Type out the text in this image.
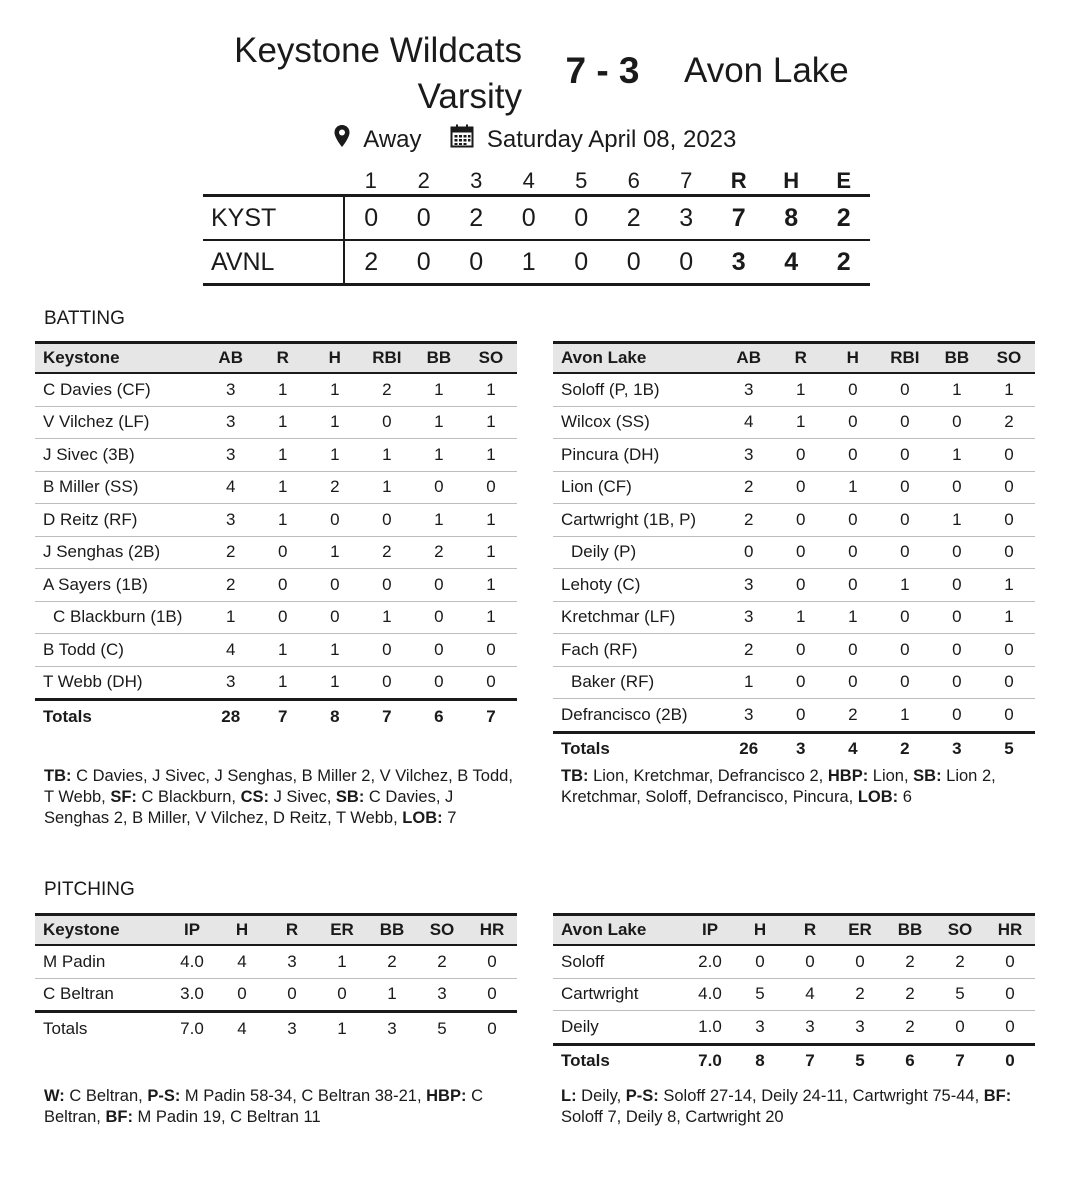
Keystone Wildcats
Varsity
7 - 3	Avon Lake
Away	Saturday April 08, 2023
	1	2	3	4	5	6	7	R	H	E
KYST	0	0	2	0	0	2	3	7	8	2
AVNL	2	0	0	1	0	0	0	3	4	2
BATTING
PITCHING
Keystone	AB	R	H	RBI	BB	SO
C Davies (CF)	3	1	1	2	1	1
V Vilchez (LF)	3	1	1	0	1	1
J Sivec (3B)	3	1	1	1	1	1
B Miller (SS)	4	1	2	1	0	0
D Reitz (RF)	3	1	0	0	1	1
J Senghas (2B)	2	0	1	2	2	1
A Sayers (1B)	2	0	0	0	0	1
C Blackburn (1B)	1	0	0	1	0	1
B Todd (C)	4	1	1	0	0	0
T Webb (DH)	3	1	1	0	0	0
Totals	28	7	8	7	6	7
Avon Lake	AB	R	H	RBI	BB	SO
Soloff (P, 1B)	3	1	0	0	1	1
Wilcox (SS)	4	1	0	0	0	2
Pincura (DH)	3	0	0	0	1	0
Lion (CF)	2	0	1	0	0	0
Cartwright (1B, P)	2	0	0	0	1	0
Deily (P)	0	0	0	0	0	0
Lehoty (C)	3	0	0	1	0	1
Kretchmar (LF)	3	1	1	0	0	1
Fach (RF)	2	0	0	0	0	0
Baker (RF)	1	0	0	0	0	0
Defrancisco (2B)	3	0	2	1	0	0
Totals	26	3	4	2	3	5
Keystone	IP	H	R	ER	BB	SO	HR
M Padin	4.0	4	3	1	2	2	0
C Beltran	3.0	0	0	0	1	3	0
Totals	7.0	4	3	1	3	5	0
Avon Lake	IP	H	R	ER	BB	SO	HR
Soloff	2.0	0	0	0	2	2	0
Cartwright	4.0	5	4	2	2	5	0
Deily	1.0	3	3	3	2	0	0
Totals	7.0	8	7	5	6	7	0
TB: C Davies, J Sivec, J Senghas, B Miller 2, V Vilchez, B Todd, T Webb, SF: C Blackburn, CS: J Sivec, SB: C Davies, J Senghas 2, B Miller, V Vilchez, D Reitz, T Webb, LOB: 7
TB: Lion, Kretchmar, Defrancisco 2, HBP: Lion, SB: Lion 2, Kretchmar, Soloff, Defrancisco, Pincura, LOB: 6
W: C Beltran, P-S: M Padin 58-34, C Beltran 38-21, HBP: C Beltran, BF: M Padin 19, C Beltran 11
L: Deily, P-S: Soloff 27-14, Deily 24-11, Cartwright 75-44, BF: Soloff 7, Deily 8, Cartwright 20
